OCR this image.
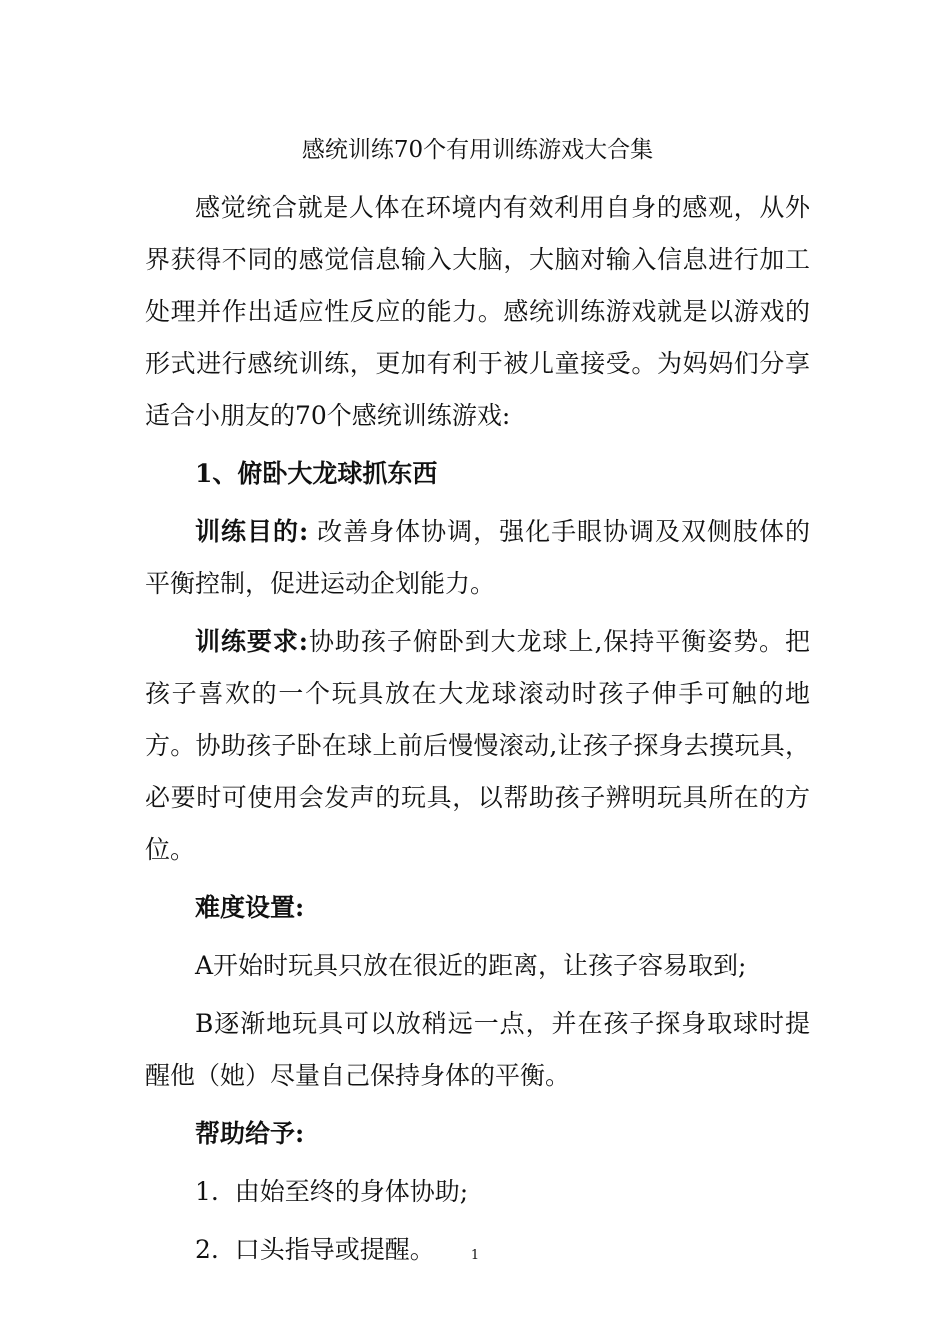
感统训练70个有用训练游戏大合集

感觉统合就是人体在环境内有效利用自身的感观，从外界获得不同的感觉信息输入大脑，大脑对输入信息进行加工处理并作出适应性反应的能力。感统训练游戏就是以游戏的形式进行感统训练，更加有利于被儿童接受。为妈妈们分享适合小朋友的70个感统训练游戏:

1、俯卧大龙球抓东西

训练目的: 改善身体协调，强化手眼协调及双侧肢体的平衡控制，促进运动企划能力。

训练要求:协助孩子俯卧到大龙球上,保持平衡姿势。把孩子喜欢的一个玩具放在大龙球滚动时孩子伸手可触的地方。协助孩子卧在球上前后慢慢滚动,让孩子探身去摸玩具，必要时可使用会发声的玩具，以帮助孩子辨明玩具所在的方位。

难度设置:

A开始时玩具只放在很近的距离，让孩子容易取到;

B逐渐地玩具可以放稍远一点，并在孩子探身取球时提醒他（她）尽量自己保持身体的平衡。

帮助给予:

1.  由始至终的身体协助;

2.  口头指导或提醒。	1
